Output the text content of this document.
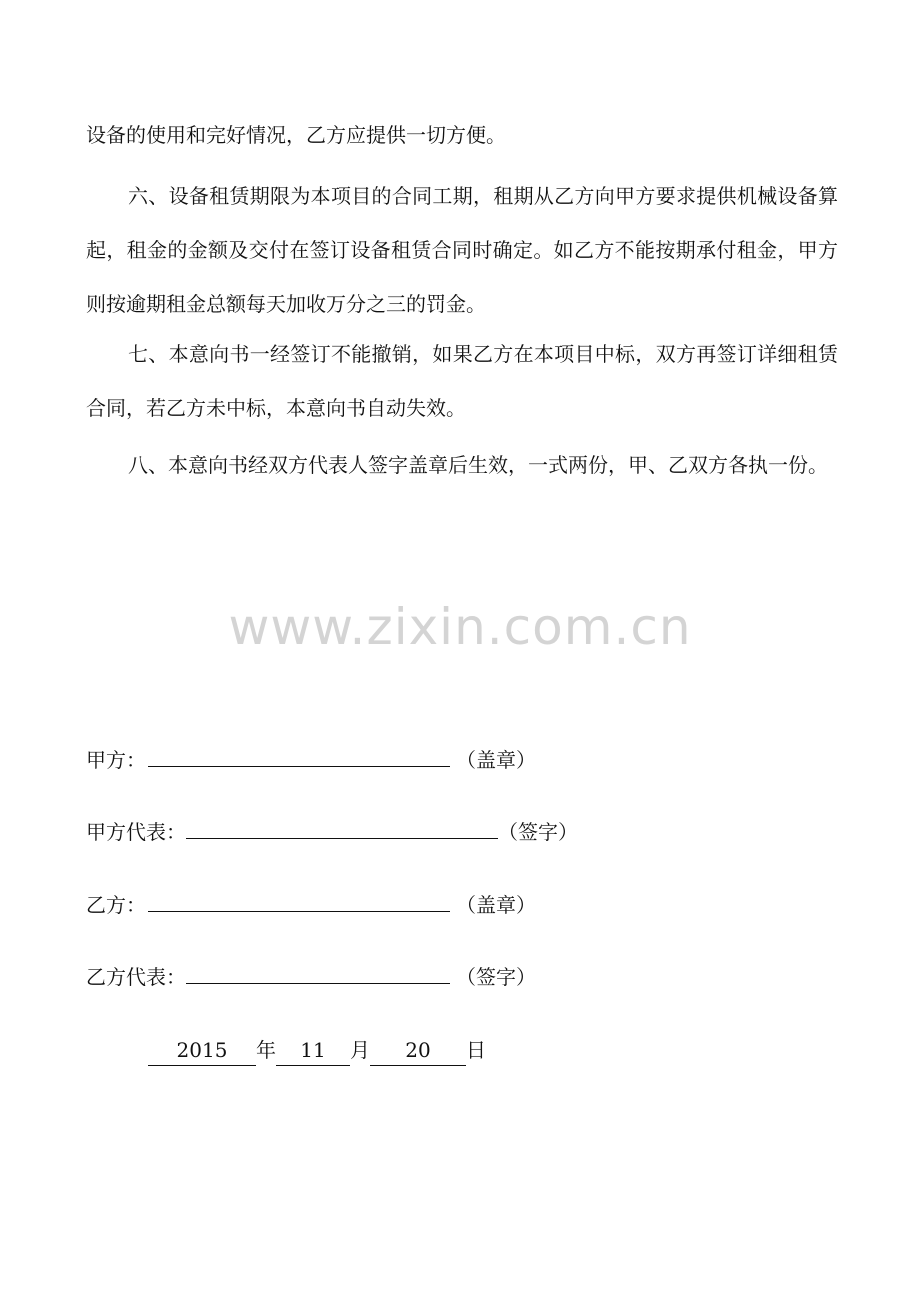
设备的使用和完好情况，乙方应提供一切方便。

六、设备租赁期限为本项目的合同工期，租期从乙方向甲方要求提供机械设备算起，租金的金额及交付在签订设备租赁合同时确定。如乙方不能按期承付租金，甲方则按逾期租金总额每天加收万分之三的罚金。

七、本意向书一经签订不能撤销，如果乙方在本项目中标，双方再签订详细租赁合同，若乙方未中标，本意向书自动失效。

八、本意向书经双方代表人签字盖章后生效，一式两份，甲、乙双方各执一份。

www.zixin.com.cn
甲方：	（盖章）
甲方代表：	（签字）
乙方：	（盖章）
乙方代表：	（签字）
2015 年 11 月 20 日
